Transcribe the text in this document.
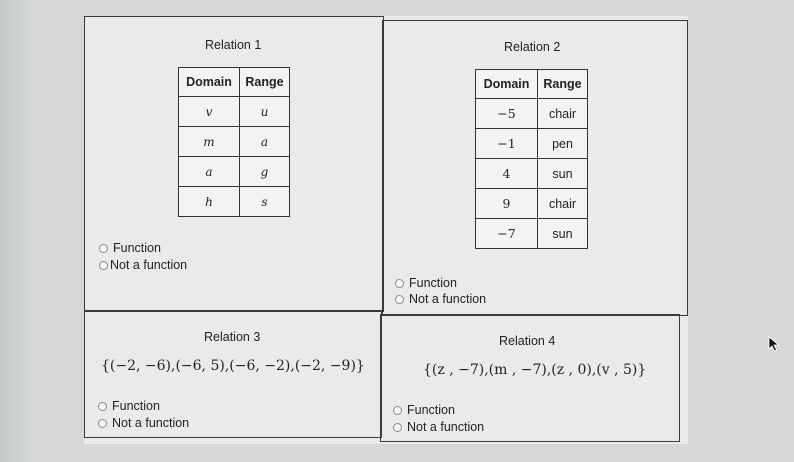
Relation 1
Domain	Range
v	u
m	a
a	g
h	s
Function
Not a function
Relation 2
Domain	Range
−5	chair
−1	pen
4	sun
9	chair
−7	sun
Function
Not a function
Relation 3
{(−2, −6),(−6, 5),(−6, −2),(−2, −9)}
Function
Not a function
Relation 4
{(z , −7),(m , −7),(z , 0),(v , 5)}
Function
Not a function
